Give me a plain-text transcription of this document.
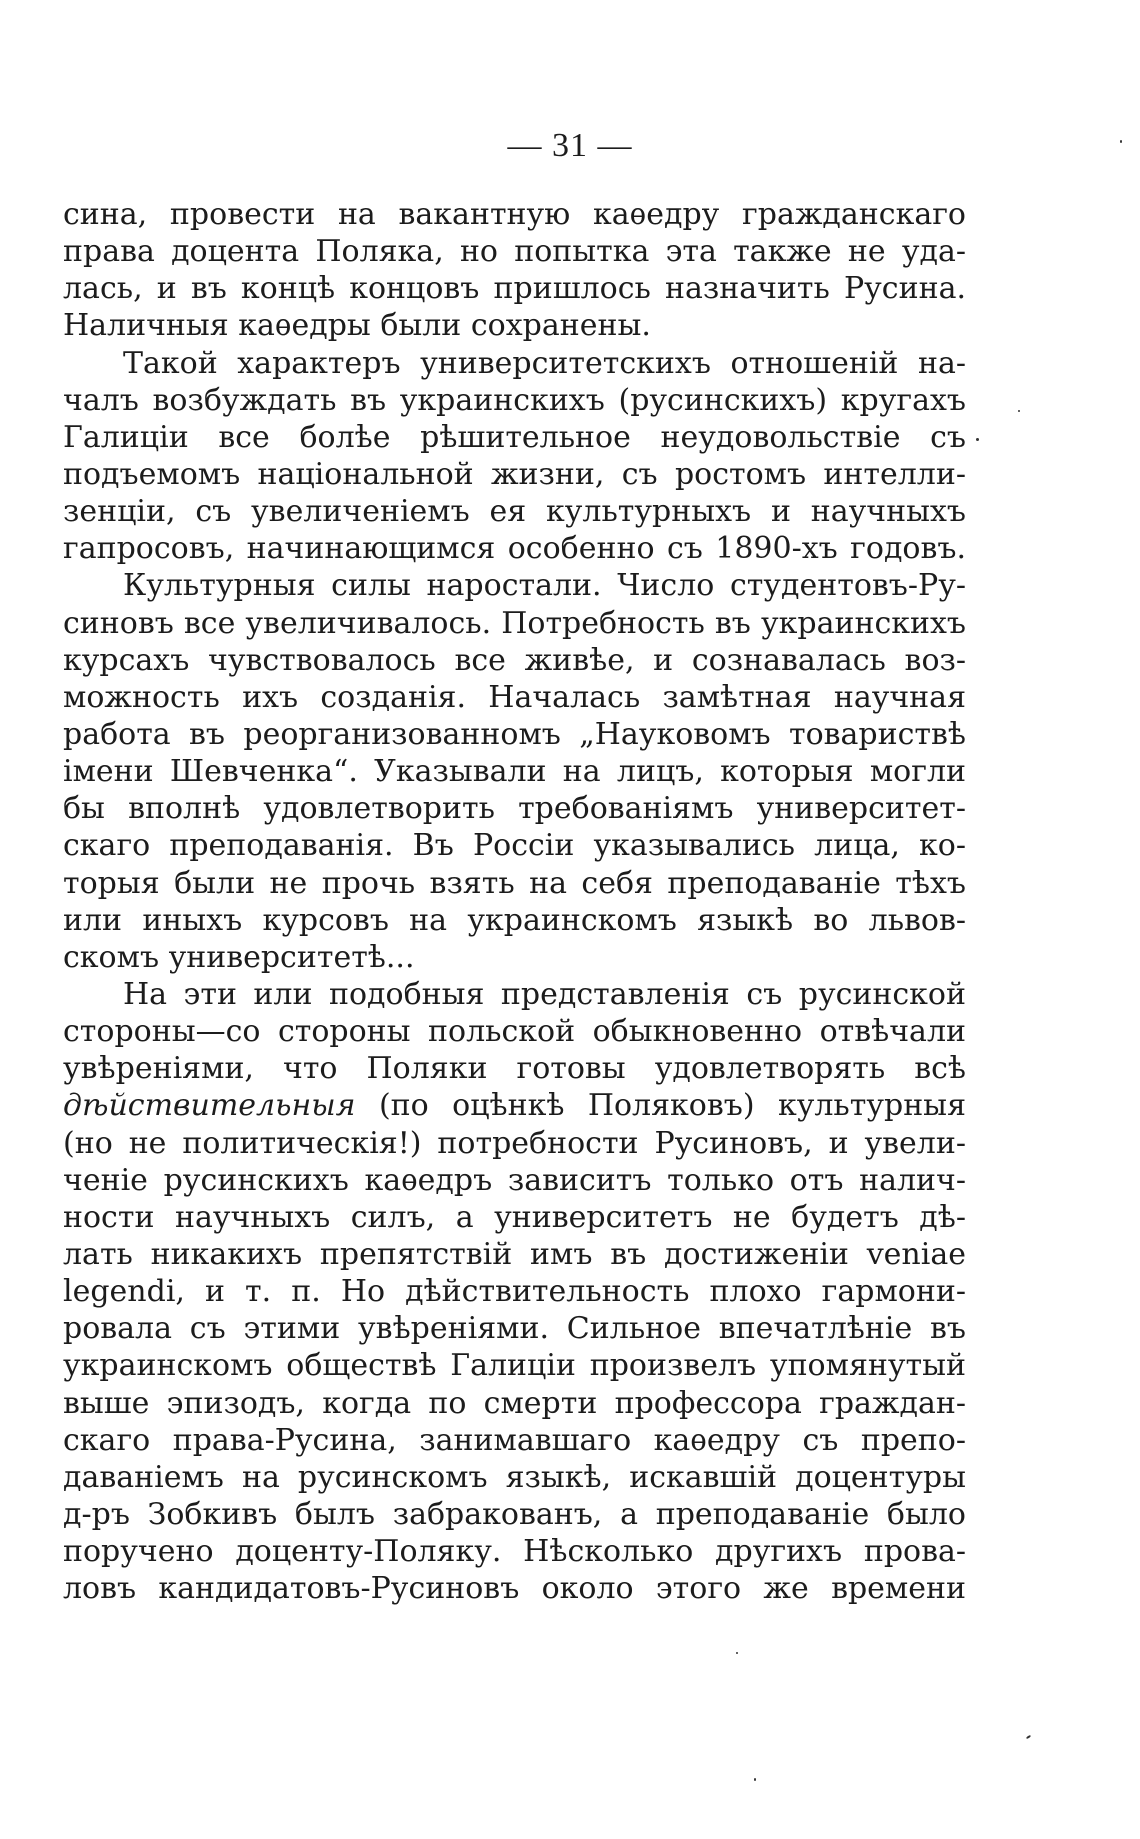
— 31 —
сина, провести на вакантную каѳедру гражданскаго
права доцента Поляка, но попытка эта также не уда-
лась, и въ концѣ концовъ пришлось назначить Русина.
Наличныя каѳедры были сохранены.
Такой характеръ университетскихъ отношеній на-
чалъ возбуждать въ украинскихъ (русинскихъ) кругахъ
Галиціи все болѣе рѣшительное неудовольствіе съ
подъемомъ національной жизни, съ ростомъ интелли-
зенціи, съ увеличеніемъ ея культурныхъ и научныхъ
гапросовъ, начинающимся особенно съ 1890-хъ годовъ.
Культурныя силы наростали. Число студентовъ-Ру-
синовъ все увеличивалось. Потребность въ украинскихъ
курсахъ чувствовалось все живѣе, и сознавалась воз-
можность ихъ созданія. Началась замѣтная научная
работа въ реорганизованномъ „Науковомъ товариствѣ
імени Шевченка“. Указывали на лицъ, которыя могли
бы вполнѣ удовлетворить требованіямъ университет-
скаго преподаванія. Въ Россіи указывались лица, ко-
торыя были не прочь взять на себя преподаваніе тѣхъ
или иныхъ курсовъ на украинскомъ языкѣ во львов-
скомъ университетѣ...
На эти или подобныя представленія съ русинской
стороны—со стороны польской обыкновенно отвѣчали
увѣреніями, что Поляки готовы удовлетворять всѣ
дѣйствительныя (по оцѣнкѣ Поляковъ) культурныя
(но не политическія!) потребности Русиновъ, и увели-
ченіе русинскихъ каѳедръ зависитъ только отъ налич-
ности научныхъ силъ, а университетъ не будетъ дѣ-
лать никакихъ препятствій имъ въ достиженіи veniae
legendi, и т. п. Но дѣйствительность плохо гармони-
ровала съ этими увѣреніями. Сильное впечатлѣніе въ
украинскомъ обществѣ Галиціи произвелъ упомянутый
выше эпизодъ, когда по смерти профессора граждан-
скаго права-Русина, занимавшаго каѳедру съ препо-
даваніемъ на русинскомъ языкѣ, искавшій доцентуры
д-ръ Зобкивъ былъ забракованъ, а преподаваніе было
поручено доценту-Поляку. Нѣсколько другихъ прова-
ловъ кандидатовъ-Русиновъ около этого же времени
